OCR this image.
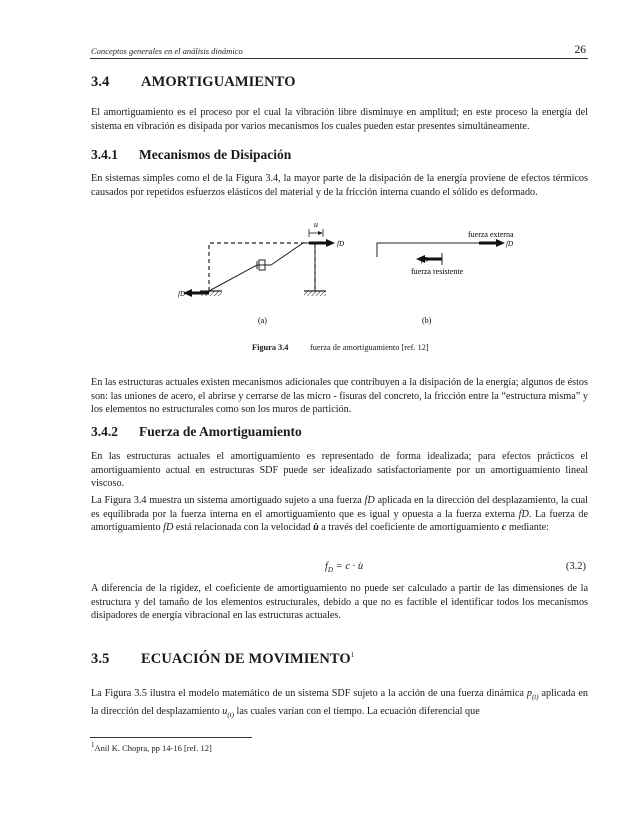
Conceptos generales en el análisis dinámico	26
3.4 AMORTIGUAMIENTO

El amortiguamiento es el proceso por el cual la vibración libre disminuye en amplitud; en este proceso la energía del sistema en vibración es disipada por varios mecanismos los cuales pueden estar presentes simultáneamente.

3.4.1 Mecanismos de Disipación

En sistemas simples como el de la Figura 3.4, la mayor parte de la disipación de la energía proviene de efectos térmicos causados por repetidos esfuerzos elásticos del material y de la fricción interna cuando el sólido es deformado.

u
fD
fD
fuerza externa
fD
fD
fuerza resistente
(a)	(b)
Figura 3.4	fuerza de amortiguamiento [ref. 12]

En las estructuras actuales existen mecanismos adicionales que contribuyen a la disipación de la energía; algunos de éstos son: las uniones de acero, el abrirse y cerrarse de las micro - fisuras del concreto, la fricción entre la “estructura misma” y los elementos no estructurales como son los muros de partición.

3.4.2 Fuerza de Amortiguamiento

En las estructuras actuales el amortiguamiento es representado de forma idealizada; para efectos prácticos el amortiguamiento actual en estructuras SDF puede ser idealizado satisfactoriamente por un amortiguamiento lineal viscoso.

La Figura 3.4 muestra un sistema amortiguado sujeto a una fuerza fD aplicada en la dirección del desplazamiento, la cual es equilibrada por la fuerza interna en el amortiguamiento que es igual y opuesta a la fuerza externa fD. La fuerza de amortiguamiento fD está relacionada con la velocidad u̇ a través del coeficiente de amortiguamiento c mediante:

$f_D = c$ · u̇	(3.2)

A diferencia de la rigidez, el coeficiente de amortiguamiento no puede ser calculado a partir de las dimensiones de la estructura y del tamaño de los elementos estructurales, debido a que no es factible el identificar todos los mecanismos disipadores de energía vibracional en las estructuras actuales.

3.5 ECUACIÓN DE MOVIMIENTO$^1$

La Figura 3.5 ilustra el modelo matemático de un sistema SDF sujeto a la acción de una fuerza dinámica $p_{(t)}$ aplicada en la dirección del desplazamiento $u_{(t)}$ las cuales varían con el tiempo. La ecuación diferencial que

$^1$Anil K. Chopra, pp 14-16 [ref. 12]
